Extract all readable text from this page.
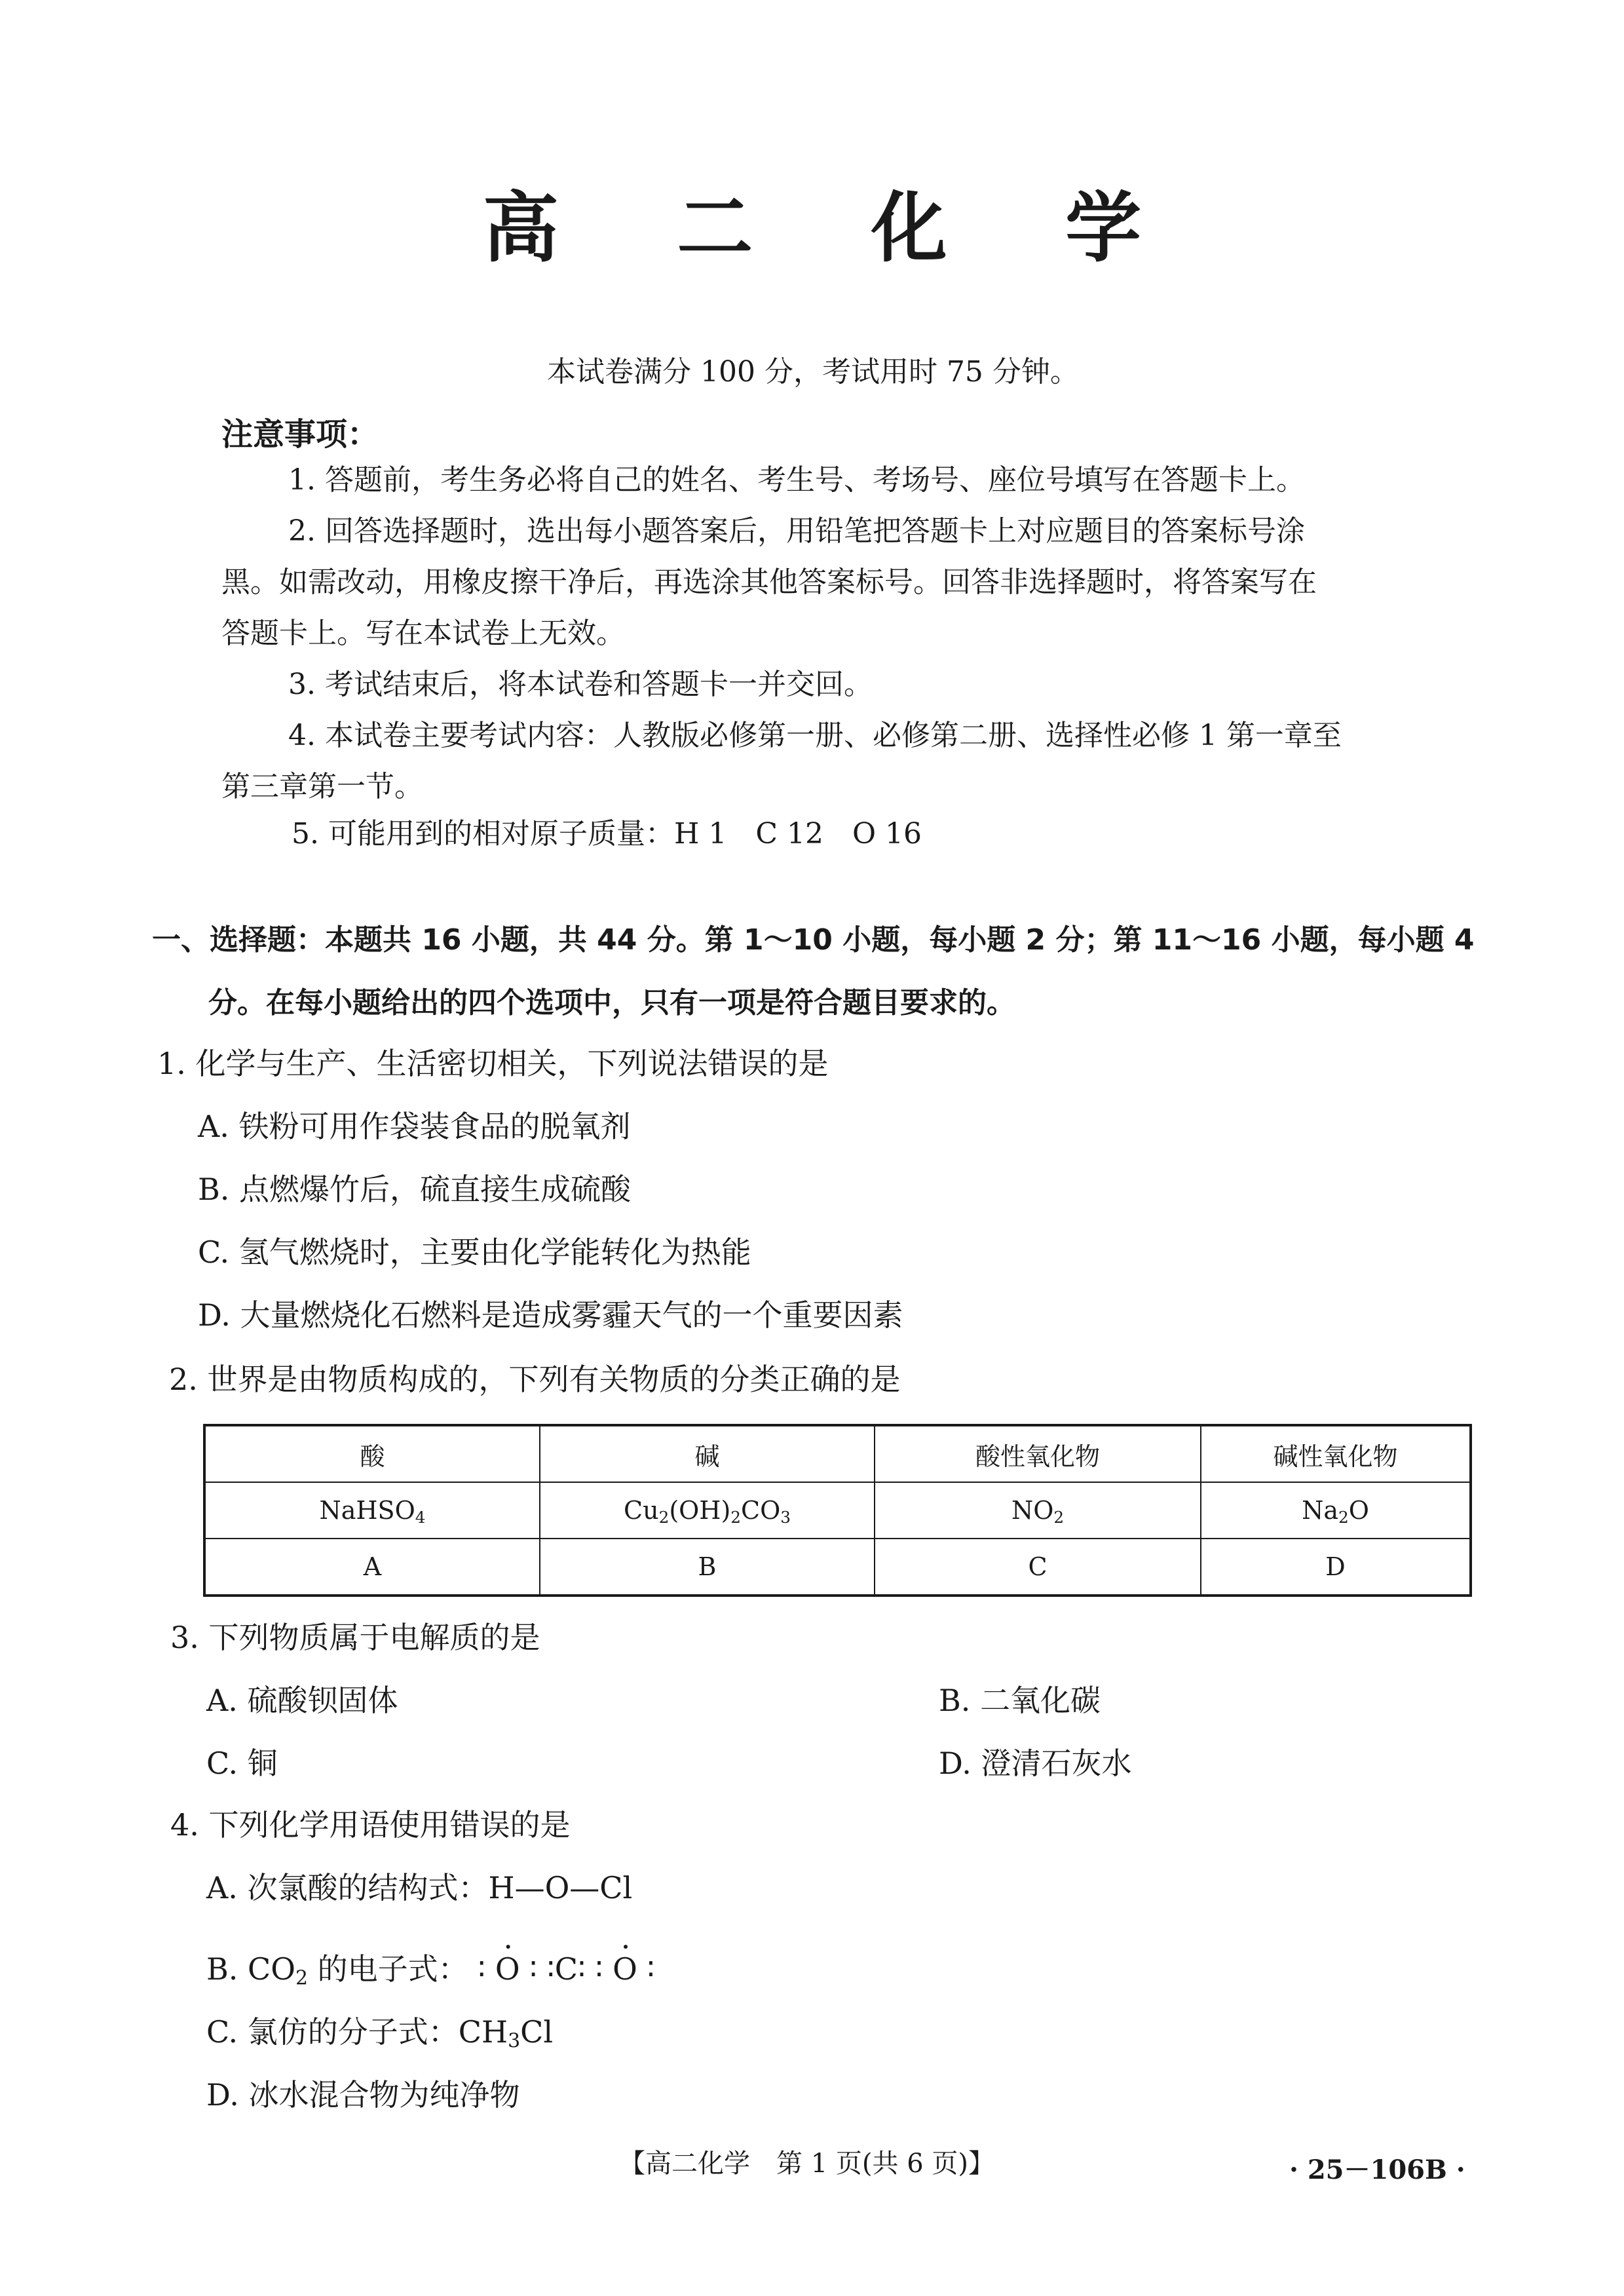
高 二 化 学
本试卷满分 100 分，考试用时 75 分钟。
注意事项：
1. 答题前，考生务必将自己的姓名、考生号、考场号、座位号填写在答题卡上。
2. 回答选择题时，选出每小题答案后，用铅笔把答题卡上对应题目的答案标号涂
黑。如需改动，用橡皮擦干净后，再选涂其他答案标号。回答非选择题时，将答案写在
答题卡上。写在本试卷上无效。
3. 考试结束后，将本试卷和答题卡一并交回。
4. 本试卷主要考试内容：人教版必修第一册、必修第二册、选择性必修 1 第一章至
第三章第一节。
5. 可能用到的相对原子质量：H 1　C 12　O 16
一、选择题：本题共 16 小题，共 44 分。第 1～10 小题，每小题 2 分；第 11～16 小题，每小题 4
分。在每小题给出的四个选项中，只有一项是符合题目要求的。
1. 化学与生产、生活密切相关，下列说法错误的是
A. 铁粉可用作袋装食品的脱氧剂
B. 点燃爆竹后，硫直接生成硫酸
C. 氢气燃烧时，主要由化学能转化为热能
D. 大量燃烧化石燃料是造成雾霾天气的一个重要因素
2. 世界是由物质构成的，下列有关物质的分类正确的是
酸	碱	酸性氧化物	碱性氧化物
NaHSO$_4$	$Cu_2(OH)_2CO_3$	$NO_2$	$Na_2O$
A	B	C	D
3. 下列物质属于电解质的是
A. 硫酸钡固体	B. 二氧化碳
C. 铜	D. 澄清石灰水
4. 下列化学用语使用错误的是
A. 次氯酸的结构式：H—O—Cl
B. $CO_2$ 的电子式： · ∶ O ∶ ∶C∶ · ∶ O ∶
C. 氯仿的分子式：$CH_3Cl$
D. 冰水混合物为纯净物
【高二化学　第 1 页(共 6 页)】	· 25－106B ·
